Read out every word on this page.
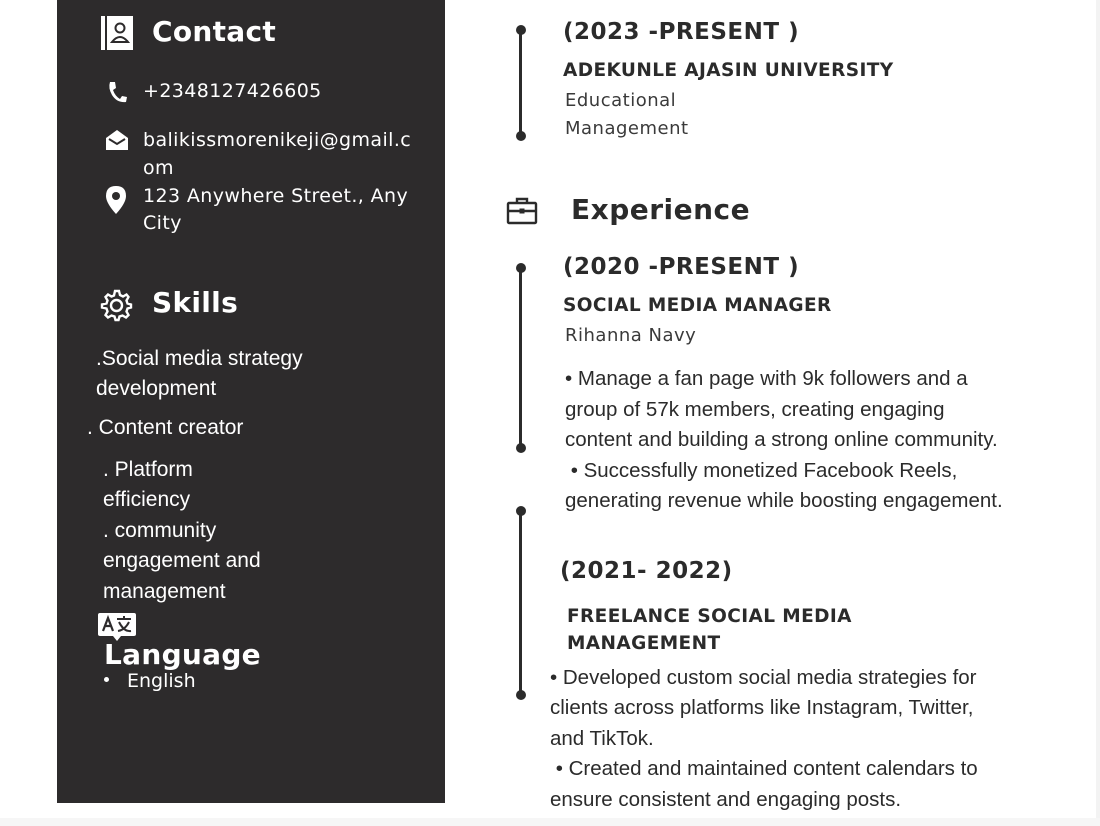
Contact
+2348127426605
balikissmorenikeji@gmail.c
om
123 Anywhere Street., Any
City
Skills
.Social media strategy
development
. Content creator
. Platform
efficiency
. community
engagement and
management
Language
English
(2023 -PRESENT )
ADEKUNLE AJASIN UNIVERSITY
Educational
Management
Experience
(2020 -PRESENT )
SOCIAL MEDIA MANAGER
Rihanna Navy
• Manage a fan page with 9k followers and a
group of 57k members, creating engaging
content and building a strong online community.
• Successfully monetized Facebook Reels,
generating revenue while boosting engagement.
(2021- 2022)
FREELANCE SOCIAL MEDIA
MANAGEMENT
• Developed custom social media strategies for
clients across platforms like Instagram, Twitter,
and TikTok.
• Created and maintained content calendars to
ensure consistent and engaging posts.
